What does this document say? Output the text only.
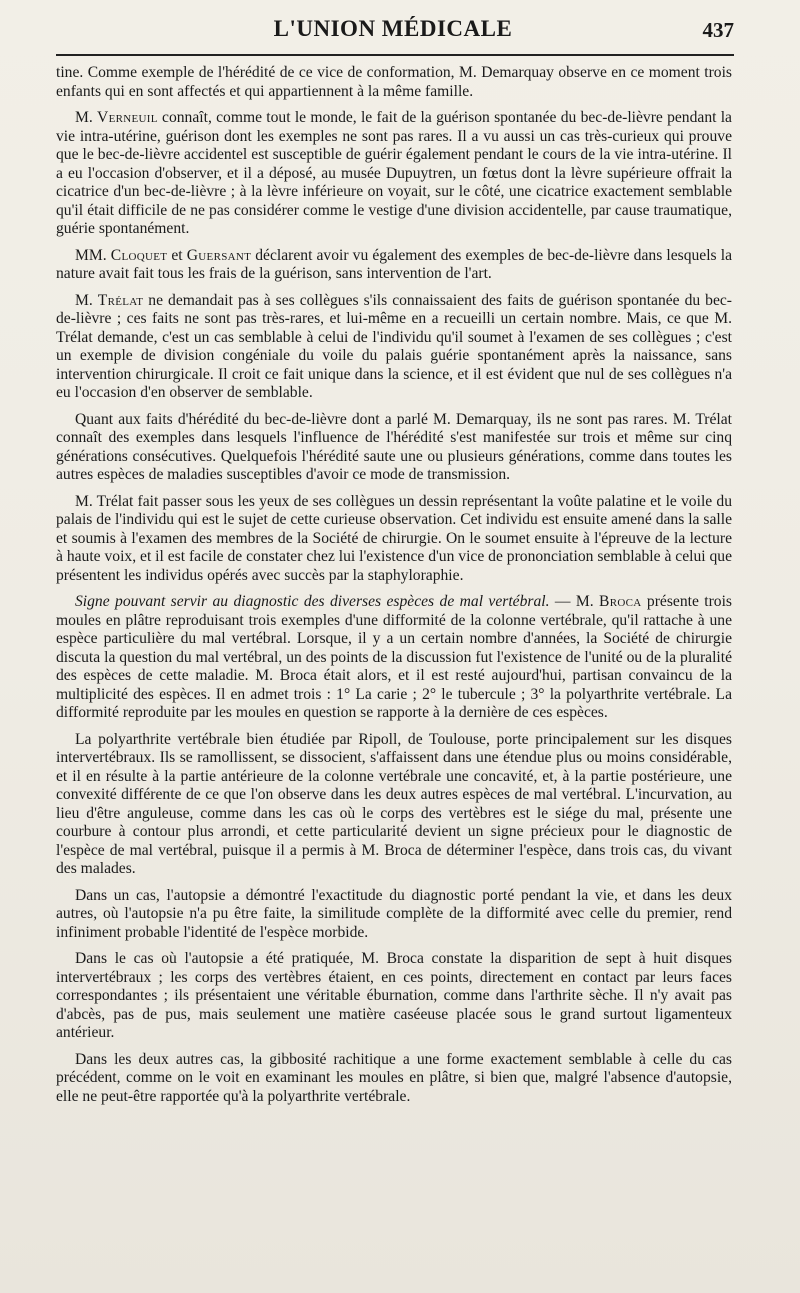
L'UNION MÉDICALE	437

tine. Comme exemple de l'hérédité de ce vice de conformation, M. Demarquay observe en ce moment trois enfants qui en sont affectés et qui appartiennent à la même famille.

M. Verneuil connaît, comme tout le monde, le fait de la guérison spontanée du bec-de-lièvre pendant la vie intra-utérine, guérison dont les exemples ne sont pas rares. Il a vu aussi un cas très-curieux qui prouve que le bec-de-lièvre accidentel est susceptible de guérir également pendant le cours de la vie intra-utérine. Il a eu l'occasion d'observer, et il a déposé, au musée Dupuytren, un fœtus dont la lèvre supérieure offrait la cicatrice d'un bec-de-lièvre ; à la lèvre inférieure on voyait, sur le côté, une cicatrice exactement semblable qu'il était difficile de ne pas considérer comme le vestige d'une division accidentelle, par cause traumatique, guérie spontanément.

MM. Cloquet et Guersant déclarent avoir vu également des exemples de bec-de-lièvre dans lesquels la nature avait fait tous les frais de la guérison, sans intervention de l'art.

M. Trélat ne demandait pas à ses collègues s'ils connaissaient des faits de guérison spontanée du bec-de-lièvre ; ces faits ne sont pas très-rares, et lui-même en a recueilli un certain nombre. Mais, ce que M. Trélat demande, c'est un cas semblable à celui de l'individu qu'il soumet à l'examen de ses collègues ; c'est un exemple de division congéniale du voile du palais guérie spontanément après la naissance, sans intervention chirurgicale. Il croit ce fait unique dans la science, et il est évident que nul de ses collègues n'a eu l'occasion d'en observer de semblable.

Quant aux faits d'hérédité du bec-de-lièvre dont a parlé M. Demarquay, ils ne sont pas rares. M. Trélat connaît des exemples dans lesquels l'influence de l'hérédité s'est manifestée sur trois et même sur cinq générations consécutives. Quelquefois l'hérédité saute une ou plusieurs générations, comme dans toutes les autres espèces de maladies susceptibles d'avoir ce mode de transmission.

M. Trélat fait passer sous les yeux de ses collègues un dessin représentant la voûte palatine et le voile du palais de l'individu qui est le sujet de cette curieuse observation. Cet individu est ensuite amené dans la salle et soumis à l'examen des membres de la Société de chirurgie. On le soumet ensuite à l'épreuve de la lecture à haute voix, et il est facile de constater chez lui l'existence d'un vice de prononciation semblable à celui que présentent les individus opérés avec succès par la staphyloraphie.

Signe pouvant servir au diagnostic des diverses espèces de mal vertébral. — M. Broca présente trois moules en plâtre reproduisant trois exemples d'une difformité de la colonne vertébrale, qu'il rattache à une espèce particulière du mal vertébral. Lorsque, il y a un certain nombre d'années, la Société de chirurgie discuta la question du mal vertébral, un des points de la discussion fut l'existence de l'unité ou de la pluralité des espèces de cette maladie. M. Broca était alors, et il est resté aujourd'hui, partisan convaincu de la multiplicité des espèces. Il en admet trois : 1° La carie ; 2° le tubercule ; 3° la polyarthrite vertébrale. La difformité reproduite par les moules en question se rapporte à la dernière de ces espèces.

La polyarthrite vertébrale bien étudiée par Ripoll, de Toulouse, porte principalement sur les disques intervertébraux. Ils se ramollissent, se dissocient, s'affaissent dans une étendue plus ou moins considérable, et il en résulte à la partie antérieure de la colonne vertébrale une concavité, et, à la partie postérieure, une convexité différente de ce que l'on observe dans les deux autres espèces de mal vertébral. L'incurvation, au lieu d'être anguleuse, comme dans les cas où le corps des vertèbres est le siége du mal, présente une courbure à contour plus arrondi, et cette particularité devient un signe précieux pour le diagnostic de l'espèce de mal vertébral, puisque il a permis à M. Broca de déterminer l'espèce, dans trois cas, du vivant des malades.

Dans un cas, l'autopsie a démontré l'exactitude du diagnostic porté pendant la vie, et dans les deux autres, où l'autopsie n'a pu être faite, la similitude complète de la difformité avec celle du premier, rend infiniment probable l'identité de l'espèce morbide.

Dans le cas où l'autopsie a été pratiquée, M. Broca constate la disparition de sept à huit disques intervertébraux ; les corps des vertèbres étaient, en ces points, directement en contact par leurs faces correspondantes ; ils présentaient une véritable éburnation, comme dans l'arthrite sèche. Il n'y avait pas d'abcès, pas de pus, mais seulement une matière caséeuse placée sous le grand surtout ligamenteux antérieur.

Dans les deux autres cas, la gibbosité rachitique a une forme exactement semblable à celle du cas précédent, comme on le voit en examinant les moules en plâtre, si bien que, malgré l'absence d'autopsie, elle ne peut-être rapportée qu'à la polyarthrite vertébrale.
